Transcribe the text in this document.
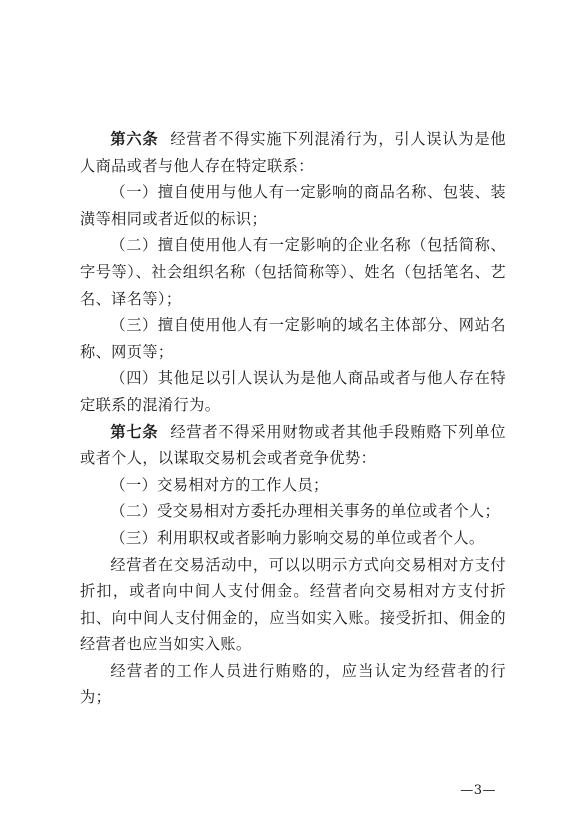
第六条 经营者不得实施下列混淆行为，引人误认为是他人商品或者与他人存在特定联系：

（一）擅自使用与他人有一定影响的商品名称、包装、装潢等相同或者近似的标识；

（二）擅自使用他人有一定影响的企业名称（包括简称、字号等）、社会组织名称（包括简称等）、姓名（包括笔名、艺名、译名等）；

（三）擅自使用他人有一定影响的域名主体部分、网站名称、网页等；

（四）其他足以引人误认为是他人商品或者与他人存在特定联系的混淆行为。

第七条 经营者不得采用财物或者其他手段贿赂下列单位或者个人，以谋取交易机会或者竞争优势：

（一）交易相对方的工作人员；

（二）受交易相对方委托办理相关事务的单位或者个人；

（三）利用职权或者影响力影响交易的单位或者个人。

经营者在交易活动中，可以以明示方式向交易相对方支付折扣，或者向中间人支付佣金。经营者向交易相对方支付折扣、向中间人支付佣金的，应当如实入账。接受折扣、佣金的经营者也应当如实入账。

经营者的工作人员进行贿赂的，应当认定为经营者的行为；

—3—
